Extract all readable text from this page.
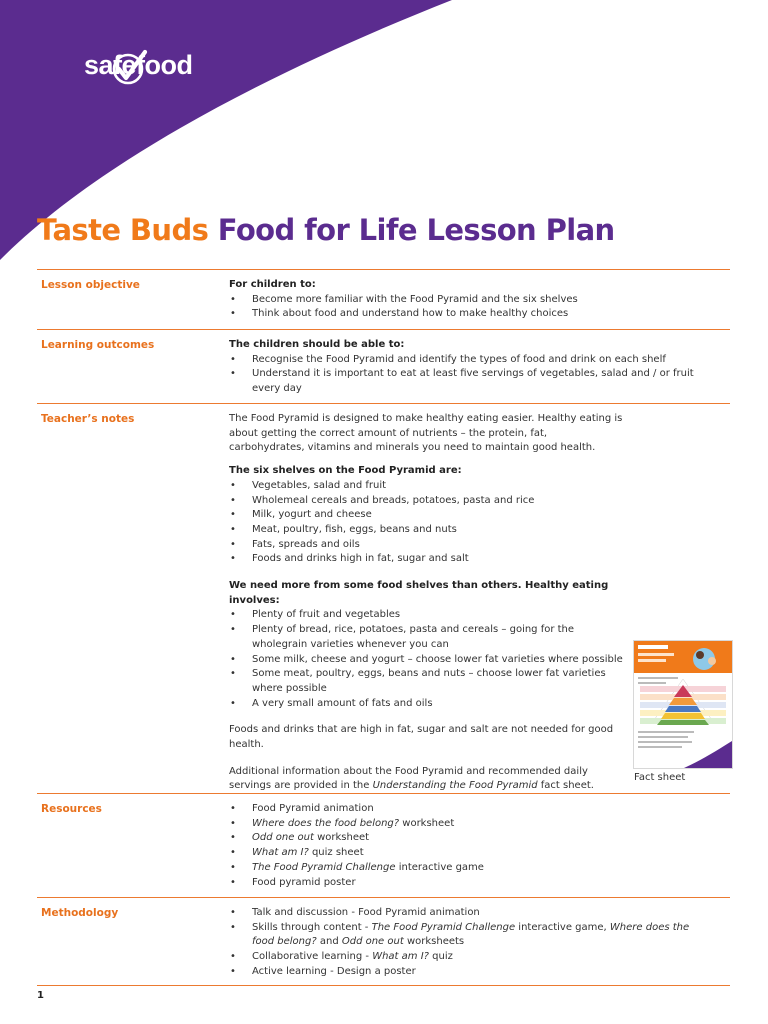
safefood
Taste Buds Food for Life Lesson Plan
Lesson objective	For children to:

• Become more familiar with the Food Pyramid and the six shelves
• Think about food and understand how to make healthy choices
Learning outcomes	The children should be able to:

• Recognise the Food Pyramid and identify the types of food and drink on each shelf
• Understand it is important to eat at least five servings of vegetables, salad and / or fruit every day
Teacher’s notes	The Food Pyramid is designed to make healthy eating easier. Healthy eating is about getting the correct amount of nutrients – the protein, fat, carbohydrates, vitamins and minerals you need to maintain good health.

The six shelves on the Food Pyramid are:

• Vegetables, salad and fruit
• Wholemeal cereals and breads, potatoes, pasta and rice
• Milk, yogurt and cheese
• Meat, poultry, fish, eggs, beans and nuts
• Fats, spreads and oils
• Foods and drinks high in fat, sugar and salt

We need more from some food shelves than others. Healthy eating involves:

• Plenty of fruit and vegetables
• Plenty of bread, rice, potatoes, pasta and cereals – going for the wholegrain varieties whenever you can
• Some milk, cheese and yogurt – choose lower fat varieties where possible
• Some meat, poultry, eggs, beans and nuts – choose lower fat varieties where possible
• A very small amount of fats and oils

Foods and drinks that are high in fat, sugar and salt are not needed for good health.

Additional information about the Food Pyramid and recommended daily servings are provided in the Understanding the Food Pyramid fact sheet.

Fact sheet
Resources	• Food Pyramid animation
• Where does the food belong? worksheet
• Odd one out worksheet
• What am I? quiz sheet
• The Food Pyramid Challenge interactive game
• Food pyramid poster
Methodology	• Talk and discussion - Food Pyramid animation
• Skills through content - The Food Pyramid Challenge interactive game, Where does the food belong? and Odd one out worksheets
• Collaborative learning - What am I? quiz
• Active learning - Design a poster
1
